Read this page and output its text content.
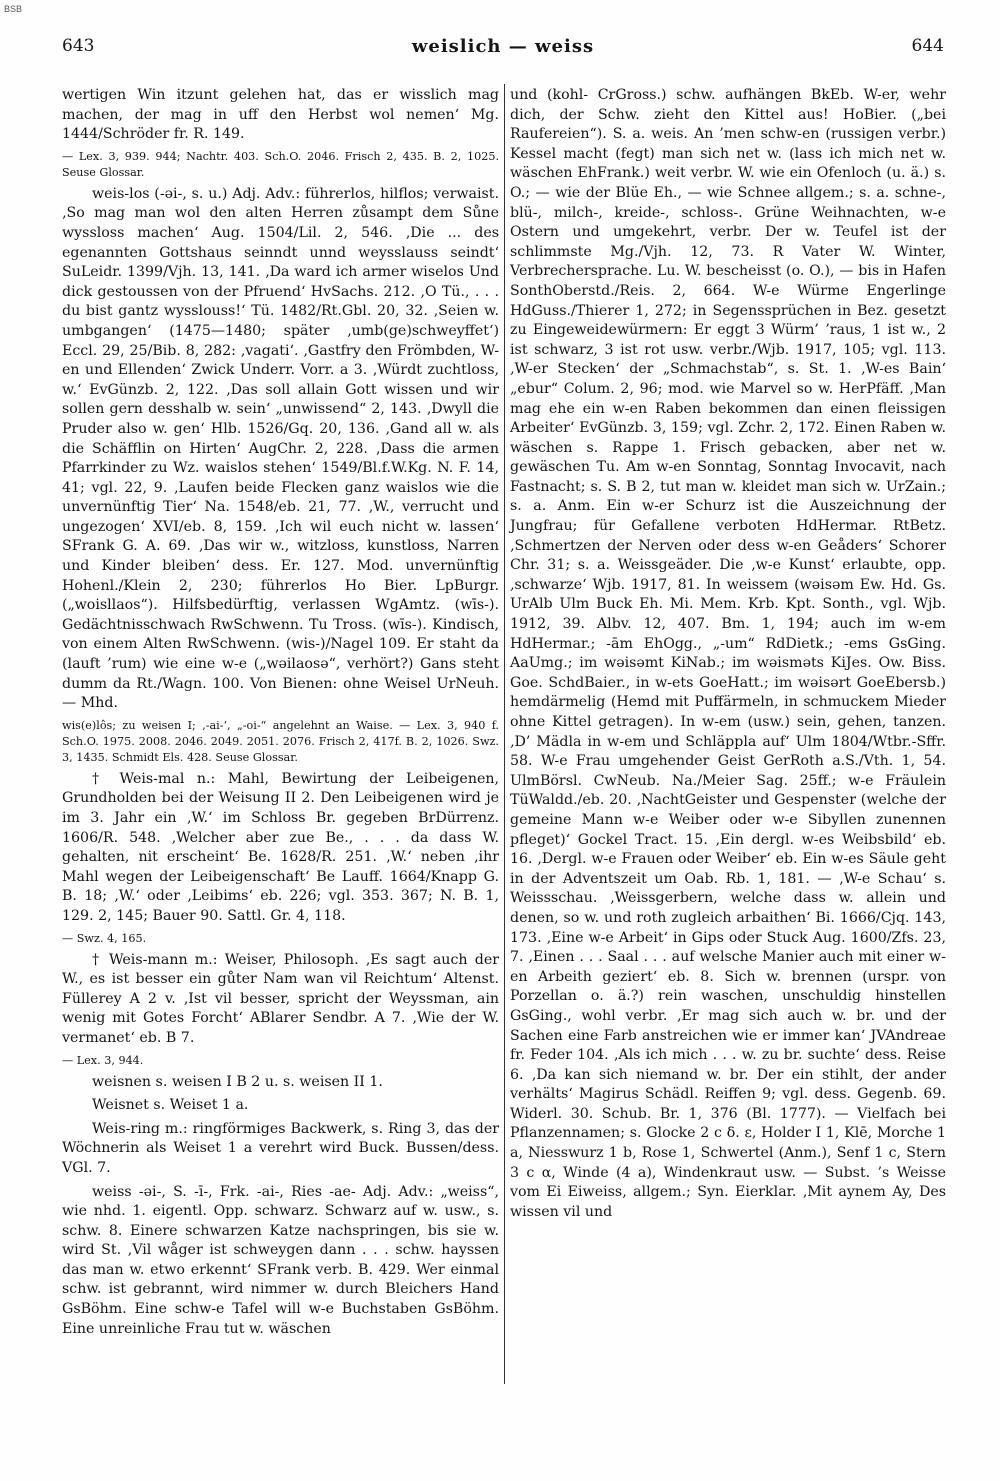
BSB
643	weislich — weiss	644

wertigen Win itzunt gelehen hat, das er wisslich mag machen, der mag in uff den Herbst wol nemen‘ Mg. 1444/Schröder fr. R. 149.

— Lex. 3, 939. 944; Nachtr. 403. Sch.O. 2046. Frisch 2, 435. B. 2, 1025. Seuse Glossar.

weis-los (-ǝi-, s. u.) Adj. Adv.: führerlos, hilflos; verwaist. ‚So mag man wol den alten Herren zůsampt dem Sůne wyssloss machen‘ Aug. 1504/Lil. 2, 546. ‚Die ... des egenannten Gottshaus seinndt unnd weysslauss seindt‘ SuLeidr. 1399/Vjh. 13, 141. ‚Da ward ich armer wiselos Und dick gestoussen von der Pfruend‘ HvSachs. 212. ‚O Tü., . . . du bist gantz wysslouss!‘ Tü. 1482/Rt.Gbl. 20, 32. ‚Seien w. umbgangen‘ (1475—1480; später ‚umb(ge)schweyffet‘) Eccl. 29, 25/Bib. 8, 282: ‚vagati‘. ‚Gastfry den Frömbden, W-en und Ellenden‘ Zwick Underr. Vorr. a 3. ‚Würdt zuchtloss, w.‘ EvGünzb. 2, 122. ‚Das soll allain Gott wissen und wir sollen gern desshalb w. sein‘ „unwissend“ 2, 143. ‚Dwyll die Pruder also w. gen‘ Hlb. 1526/Gq. 20, 136. ‚Gand all w. als die Schäfflin on Hirten‘ AugChr. 2, 228. ‚Dass die armen Pfarrkinder zu Wz. waislos stehen‘ 1549/Bl.f.W.Kg. N. F. 14, 41; vgl. 22, 9. ‚Laufen beide Flecken ganz waislos wie die unvernünftig Tier‘ Na. 1548/eb. 21, 77. ‚W., verrucht und ungezogen‘ XVI/eb. 8, 159. ‚Ich wil euch nicht w. lassen‘ SFrank G. A. 69. ‚Das wir w., witzloss, kunstloss, Narren und Kinder bleiben‘ dess. Er. 127. Mod. unvernünftig Hohenl./Klein 2, 230; führerlos Ho Bier. LpBurgr. („woisllaos“). Hilfsbedürftig, verlassen WgAmtz. (wīs-). Gedächtnisschwach RwSchwenn. Tu Tross. (wīs-). Kindisch, von einem Alten RwSchwenn. (wis-)/Nagel 109. Er staht da (lauft ’rum) wie eine w-e („wǝilaosǝ“, verhört?) Gans steht dumm da Rt./Wagn. 100. Von Bienen: ohne Weisel UrNeuh. — Mhd.

wis(e)lôs; zu weisen I; ‚-ai-‘, „-oi-“ angelehnt an Waise. — Lex. 3, 940 f. Sch.O. 1975. 2008. 2046. 2049. 2051. 2076. Frisch 2, 417f. B. 2, 1026. Swz. 3, 1435. Schmidt Els. 428. Seuse Glossar.

† Weis-mal n.: Mahl, Bewirtung der Leibeigenen, Grundholden bei der Weisung II 2. Den Leibeigenen wird je im 3. Jahr ein ‚W.‘ im Schloss Br. gegeben BrDürrenz. 1606/R. 548. ‚Welcher aber zue Be., . . . da dass W. gehalten, nit erscheint‘ Be. 1628/R. 251. ‚W.‘ neben ‚ihr Mahl wegen der Leibeigenschaft‘ Be Lauff. 1664/Knapp G. B. 18; ‚W.‘ oder ‚Leibims‘ eb. 226; vgl. 353. 367; N. B. 1, 129. 2, 145; Bauer 90. Sattl. Gr. 4, 118.

— Swz. 4, 165.

† Weis-mann m.: Weiser, Philosoph. ‚Es sagt auch der W., es ist besser ein gůter Nam wan vil Reichtum‘ Altenst. Füllerey A 2 v. ‚Ist vil besser, spricht der Weyssman, ain wenig mit Gotes Forcht‘ ABlarer Sendbr. A 7. ‚Wie der W. vermanet‘ eb. B 7.

— Lex. 3, 944.

weisnen s. weisen I B 2 u. s. weisen II 1.

Weisnet s. Weiset 1 a.

Weis-ring m.: ringförmiges Backwerk, s. Ring 3, das der Wöchnerin als Weiset 1 a verehrt wird Buck. Bussen/dess. VGl. 7.

weiss -ǝi-, S. -ī-, Frk. -ai-, Ries -ae- Adj. Adv.: „weiss“, wie nhd. 1. eigentl. Opp. schwarz. Schwarz auf w. usw., s. schw. 8. Einere schwarzen Katze nachspringen, bis sie w. wird St. ‚Vil wåger ist schweygen dann . . . schw. hayssen das man w. etwo erkennt‘ SFrank verb. B. 429. Wer einmal schw. ist gebrannt, wird nimmer w. durch Bleichers Hand GsBöhm. Eine schw-e Tafel will w-e Buchstaben GsBöhm. Eine unreinliche Frau tut w. wäschen

und (kohl- CrGross.) schw. aufhängen BkEb. W-er, wehr dich, der Schw. zieht den Kittel aus! HoBier. („bei Raufereien“). S. a. weis. An ’men schw-en (russigen verbr.) Kessel macht (fegt) man sich net w. (lass ich mich net w. wäschen EhFrank.) weit verbr. W. wie ein Ofenloch (u. ä.) s. O.; — wie der Blüe Eh., — wie Schnee allgem.; s. a. schne-, blü-, milch-, kreide-, schloss-. Grüne Weihnachten, w-e Ostern und umgekehrt, verbr. Der w. Teufel ist der schlimmste Mg./Vjh. 12, 73. R Vater W. Winter, Verbrechersprache. Lu. W. bescheisst (o. O.), — bis in Hafen SonthOberstd./Reis. 2, 664. W-e Würme Engerlinge HdGuss./Thierer 1, 272; in Segenssprüchen in Bez. gesetzt zu Eingeweidewürmern: Er eggt 3 Würm’ ’raus, 1 ist w., 2 ist schwarz, 3 ist rot usw. verbr./Wjb. 1917, 105; vgl. 113. ‚W-er Stecken‘ der „Schmachstab“, s. St. 1. ‚W-es Bain‘ „ebur“ Colum. 2, 96; mod. wie Marvel so w. HerPfäff. ‚Man mag ehe ein w-en Raben bekommen dan einen fleissigen Arbeiter‘ EvGünzb. 3, 159; vgl. Zchr. 2, 172. Einen Raben w. wäschen s. Rappe 1. Frisch gebacken, aber net w. gewäschen Tu. Am w-en Sonntag, Sonntag Invocavit, nach Fastnacht; s. S. B 2, tut man w. kleidet man sich w. UrZain.; s. a. Anm. Ein w-er Schurz ist die Auszeichnung der Jungfrau; für Gefallene verboten HdHermar. RtBetz. ‚Schmertzen der Nerven oder dess w-en Geåders‘ Schorer Chr. 31; s. a. Weissgeäder. Die ‚w-e Kunst‘ erlaubte, opp. ‚schwarze‘ Wjb. 1917, 81. In weissem (wǝisǝm Ew. Hd. Gs. UrAlb Ulm Buck Eh. Mi. Mem. Krb. Kpt. Sonth., vgl. Wjb. 1912, 39. Albv. 12, 407. Bm. 1, 194; auch im w-em HdHermar.; -ām EhOgg., „-um“ RdDietk.; -ems GsGing. AaUmg.; im wǝisǝmt KiNab.; im wǝismǝts KiJes. Ow. Biss. Goe. SchdBaier., in w-ets GoeHatt.; im wǝisǝrt GoeEbersb.) hemdärmelig (Hemd mit Puffärmeln, in schmuckem Mieder ohne Kittel getragen). In w-em (usw.) sein, gehen, tanzen. ‚D’ Mädla in w-em und Schläppla auf‘ Ulm 1804/Wtbr.-Sffr. 58. W-e Frau umgehender Geist GerRoth a.S./Vth. 1, 54. UlmBörsl. CwNeub. Na./Meier Sag. 25ff.; w-e Fräulein TüWaldd./eb. 20. ‚NachtGeister und Gespenster (welche der gemeine Mann w-e Weiber oder w-e Sibyllen zunennen pfleget)‘ Gockel Tract. 15. ‚Ein dergl. w-es Weibsbild‘ eb. 16. ‚Dergl. w-e Frauen oder Weiber‘ eb. Ein w-es Säule geht in der Adventszeit um Oab. Rb. 1, 181. — ‚W-e Schau‘ s. Weissschau. ‚Weissgerbern, welche dass w. allein und denen, so w. und roth zugleich arbaithen‘ Bi. 1666/Cjq. 143, 173. ‚Eine w-e Arbeit‘ in Gips oder Stuck Aug. 1600/Zfs. 23, 7. ‚Einen . . . Saal . . . auf welsche Manier auch mit einer w-en Arbeith geziert‘ eb. 8. Sich w. brennen (urspr. von Porzellan o. ä.?) rein waschen, unschuldig hinstellen GsGing., wohl verbr. ‚Er mag sich auch w. br. und der Sachen eine Farb anstreichen wie er immer kan‘ JVAndreae fr. Feder 104. ‚Als ich mich . . . w. zu br. suchte‘ dess. Reise 6. ‚Da kan sich niemand w. br. Der ein stihlt, der ander verhälts‘ Magirus Schädl. Reiffen 9; vgl. dess. Gegenb. 69. Widerl. 30. Schub. Br. 1, 376 (Bl. 1777). — Vielfach bei Pflanzennamen; s. Glocke 2 c δ. ε, Holder I 1, Klē, Morche 1 a, Niesswurz 1 b, Rose 1, Schwertel (Anm.), Senf 1 c, Stern 3 c α, Winde (4 a), Windenkraut usw. — Subst. ’s Weisse vom Ei Eiweiss, allgem.; Syn. Eierklar. ‚Mit aynem Ay, Des wissen vil und
